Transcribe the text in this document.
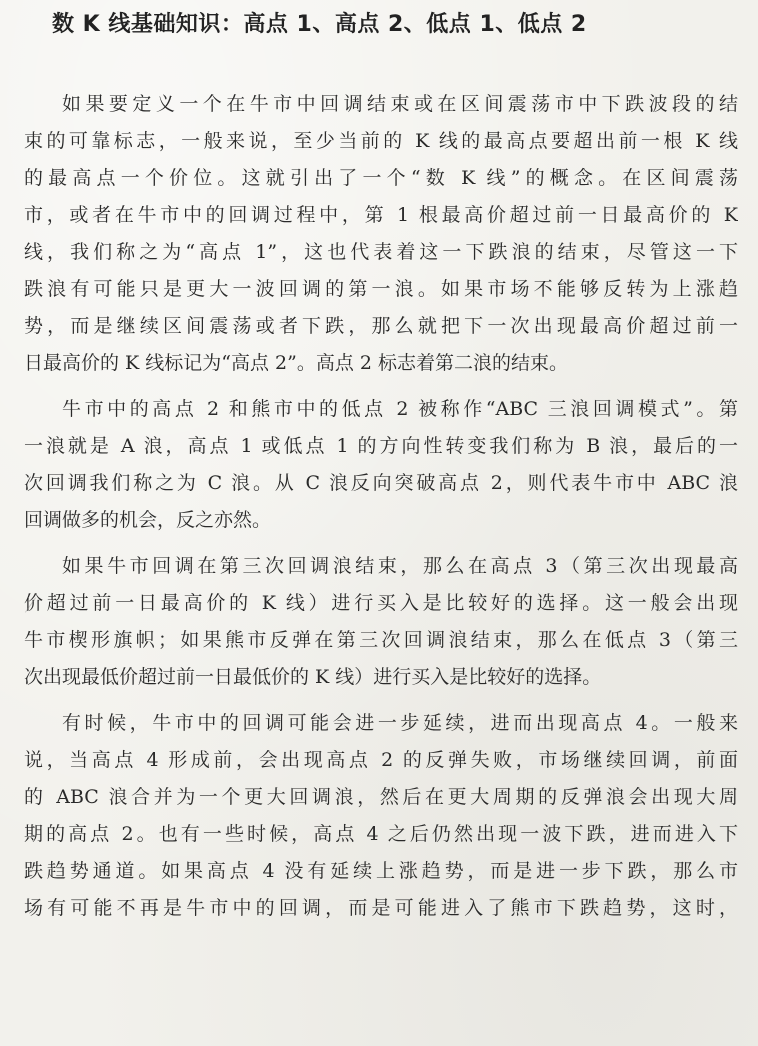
数 K 线基础知识：高点 1、高点 2、低点 1、低点 2
如果要定义一个在牛市中回调结束或在区间震荡市中下跌波段的结
束的可靠标志，一般来说，至少当前的 K 线的最高点要超出前一根 K 线
的最高点一个价位。这就引出了一个“数 K 线”的概念。在区间震荡
市，或者在牛市中的回调过程中，第 1 根最高价超过前一日最高价的 K
线，我们称之为“高点 1”，这也代表着这一下跌浪的结束，尽管这一下
跌浪有可能只是更大一波回调的第一浪。如果市场不能够反转为上涨趋
势，而是继续区间震荡或者下跌，那么就把下一次出现最高价超过前一
日最高价的 K 线标记为“高点 2”。高点 2 标志着第二浪的结束。
牛市中的高点 2 和熊市中的低点 2 被称作“ABC 三浪回调模式”。第
一浪就是 A 浪，高点 1 或低点 1 的方向性转变我们称为 B 浪，最后的一
次回调我们称之为 C 浪。从 C 浪反向突破高点 2，则代表牛市中 ABC 浪
回调做多的机会，反之亦然。
如果牛市回调在第三次回调浪结束，那么在高点 3（第三次出现最高
价超过前一日最高价的 K 线）进行买入是比较好的选择。这一般会出现
牛市楔形旗帜；如果熊市反弹在第三次回调浪结束，那么在低点 3（第三
次出现最低价超过前一日最低价的 K 线）进行买入是比较好的选择。
有时候，牛市中的回调可能会进一步延续，进而出现高点 4。一般来
说，当高点 4 形成前，会出现高点 2 的反弹失败，市场继续回调，前面
的 ABC 浪合并为一个更大回调浪，然后在更大周期的反弹浪会出现大周
期的高点 2。也有一些时候，高点 4 之后仍然出现一波下跌，进而进入下
跌趋势通道。如果高点 4 没有延续上涨趋势，而是进一步下跌，那么市
场有可能不再是牛市中的回调，而是可能进入了熊市下跌趋势，这时，
